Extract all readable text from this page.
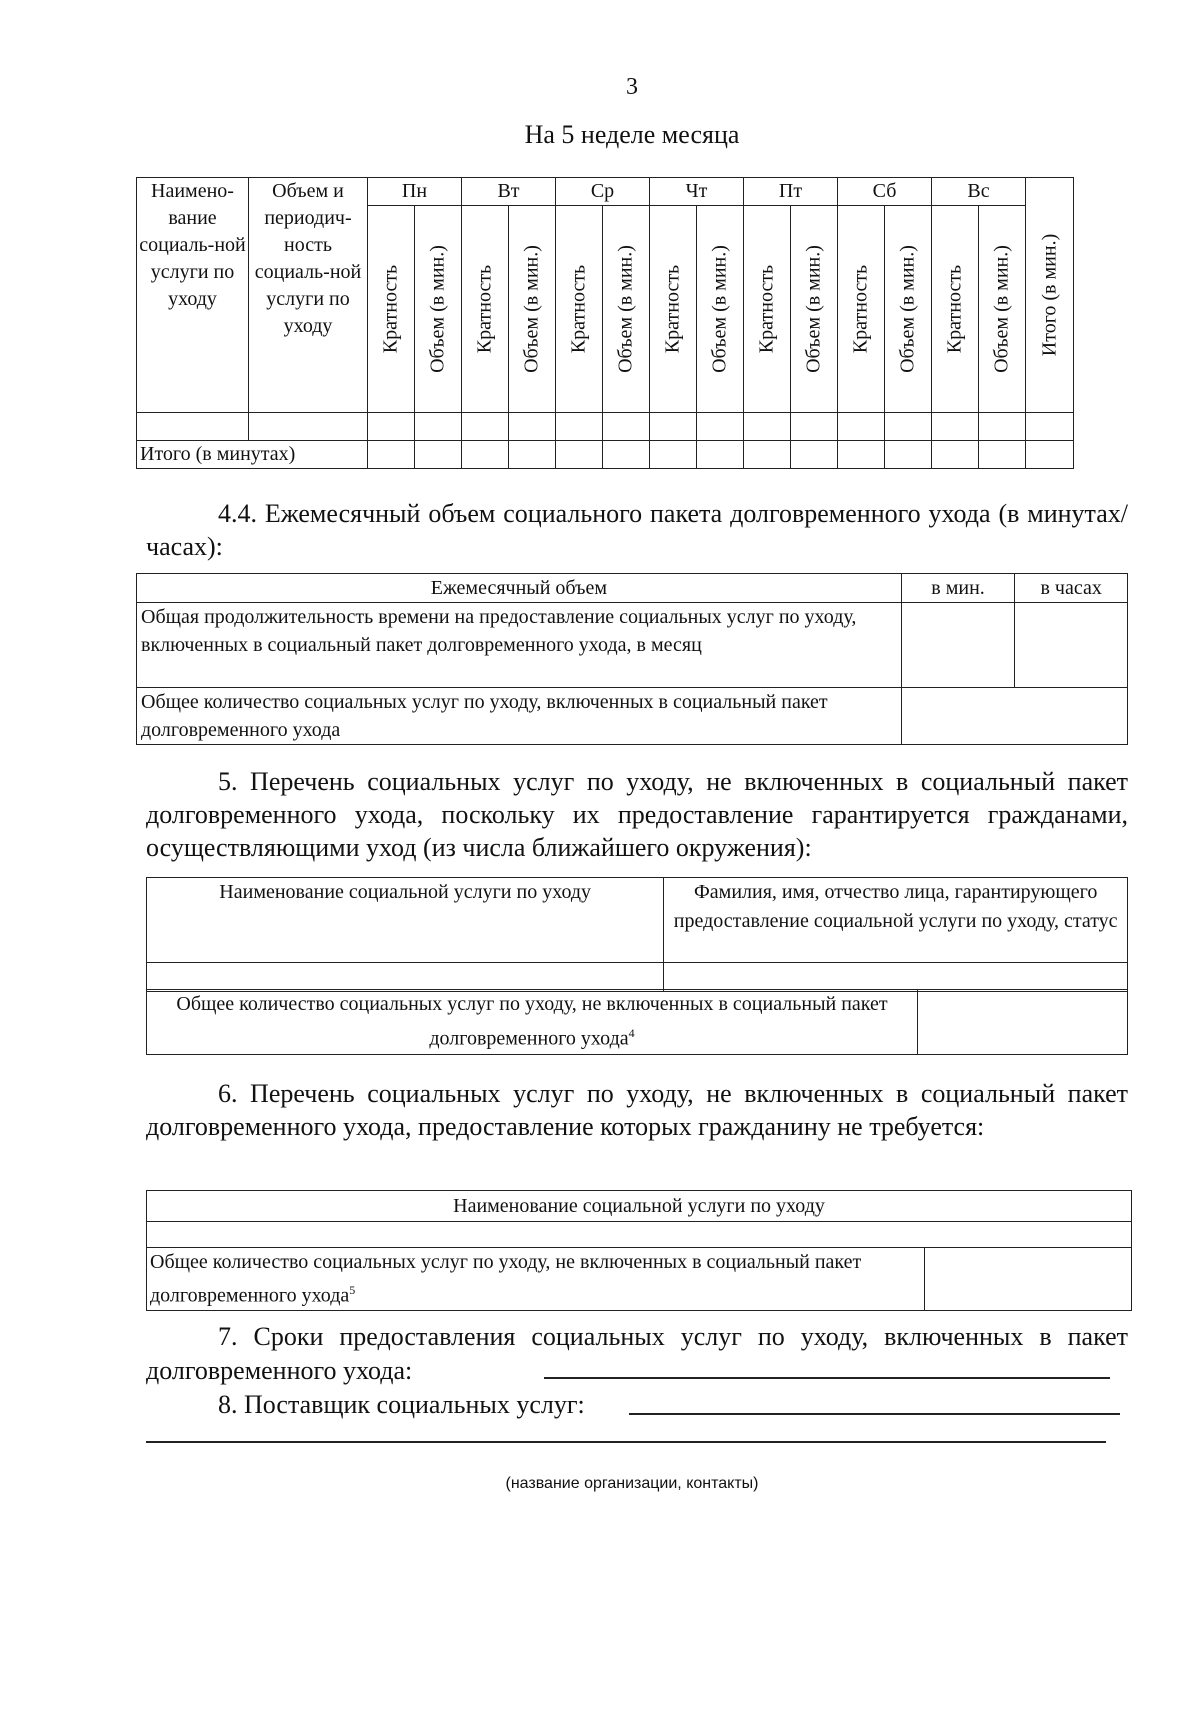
3
На 5 неделе месяца
Наимено-вание социаль-ной услуги по уходу	Объем и периодич-ность социаль-ной услуги по уходу	Пн		Вт		Ср		Чт		Пт		Сб		Вс		Итого (в мин.)

		Кратность	Объем (в мин.)	Кратность	Объем (в мин.)	Кратность	Объем (в мин.)	Кратность	Объем (в мин.)	Кратность	Объем (в мин.)	Кратность	Объем (в мин.)	Кратность	Объем (в мин.)	

Итого (в минутах)																
4.4. Ежемесячный объем социального пакета долговременного ухода (в минутах/часах):
Ежемесячный объем	в мин.	в часах
Общая продолжительность времени на предоставление социальных услуг по уходу, включенных в социальный пакет долговременного ухода, в месяц		
Общее количество социальных услуг по уходу, включенных в социальный пакет долговременного ухода		
5. Перечень социальных услуг по уходу, не включенных в социальный пакет долговременного ухода, поскольку их предоставление гарантируется гражданами, осуществляющими уход (из числа ближайшего окружения):
Наименование социальной услуги по уходу	Фамилия, имя, отчество лица, гарантирующего предоставление социальной услуги по уходу, статус

Общее количество социальных услуг по уходу, не включенных в социальный пакет долговременного ухода$^4$	
6. Перечень социальных услуг по уходу, не включенных в социальный пакет долговременного ухода, предоставление которых гражданину не требуется:
Наименование социальной услуги по уходу

Общее количество социальных услуг по уходу, не включенных в социальный пакет долговременного ухода$^5$	
7. Сроки предоставления социальных услуг по уходу, включенных в пакет долговременного ухода:
8. Поставщик социальных услуг:
(название организации, контакты)
